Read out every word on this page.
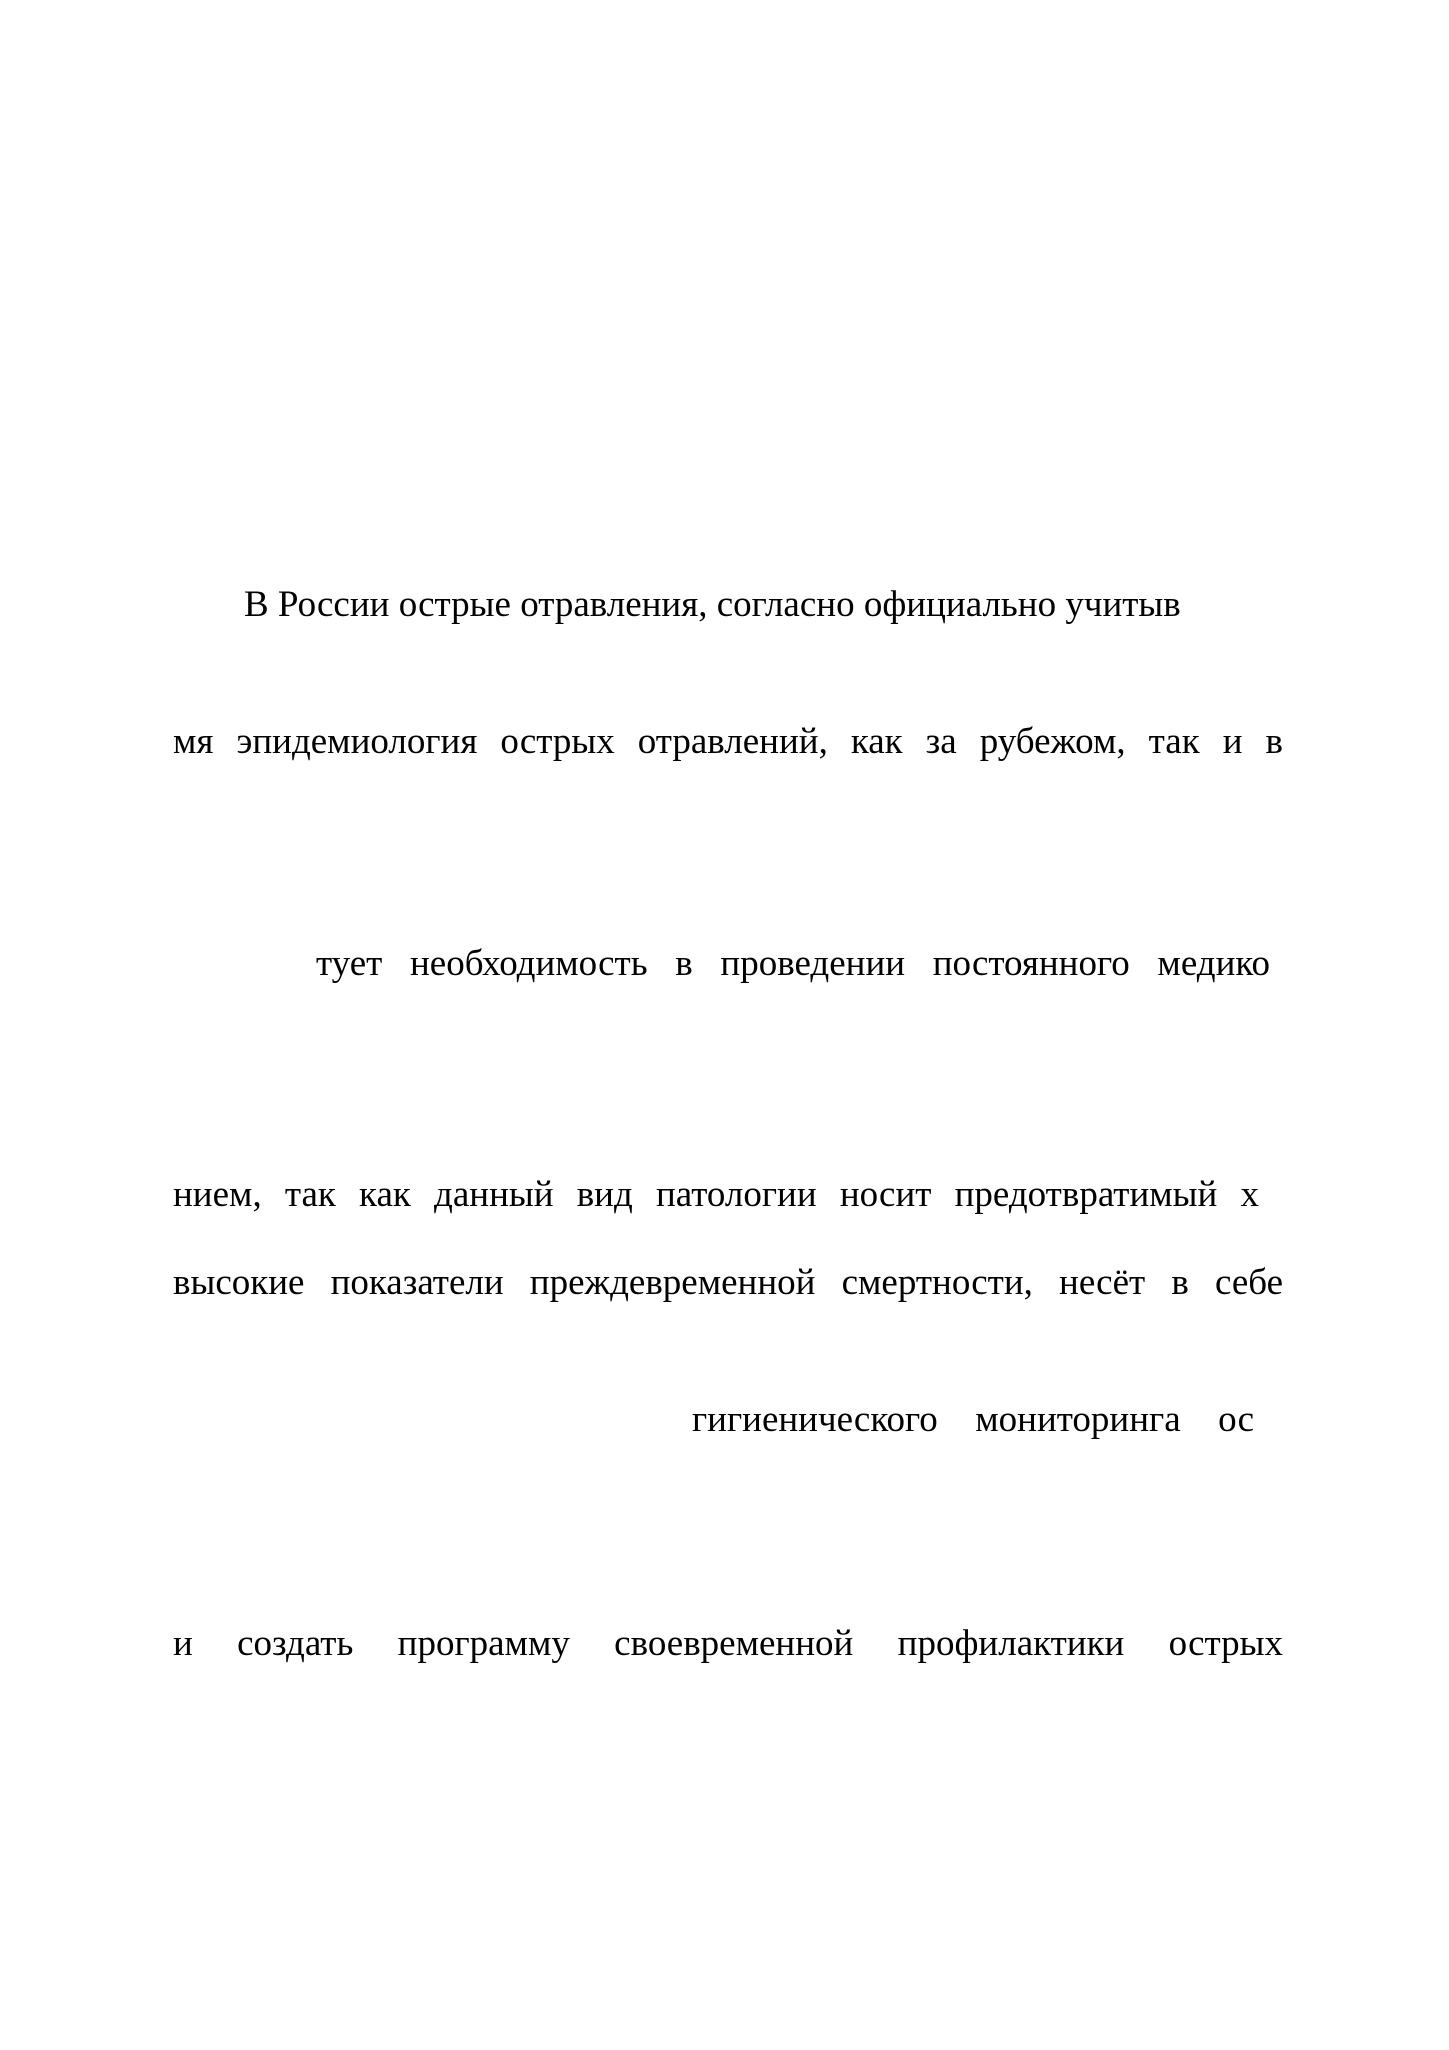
В России острые отравления, согласно официально учитыв
мя эпидемиология острых отравлений, как за рубежом, так и в
тует необходимость в проведении постоянного медико
нием, так как данный вид патологии носит предотвратимый х
высокие показатели преждевременной смертности, несёт в себе
гигиенического мониторинга ос
и создать программу своевременной профилактики острых
